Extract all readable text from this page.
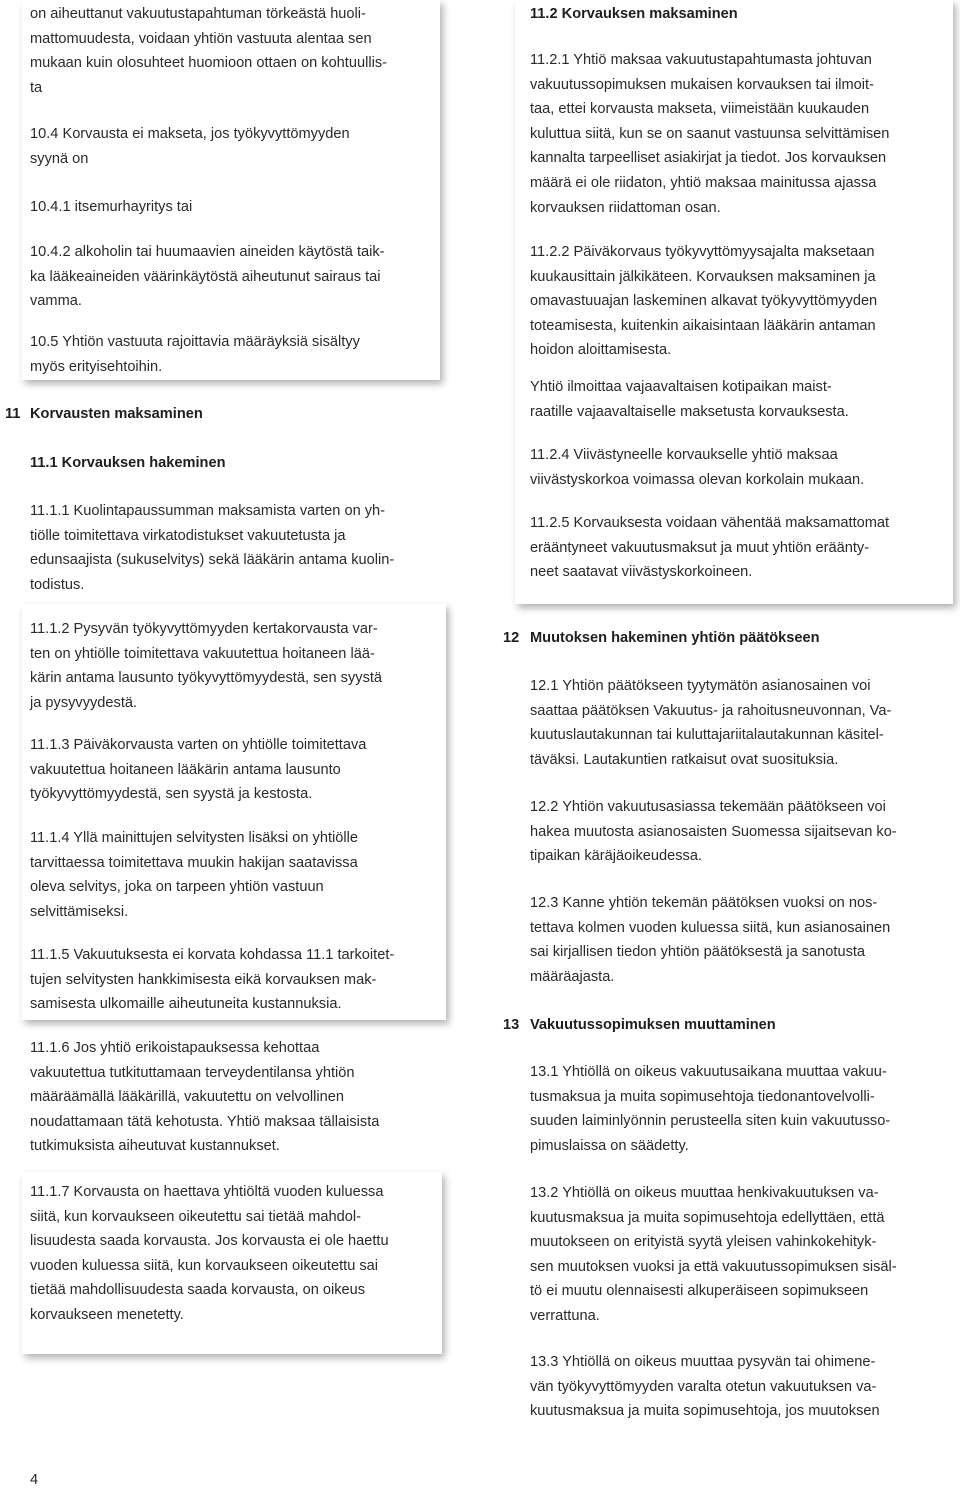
on aiheuttanut vakuutustapahtuman törkeästä huoli-
mattomuudesta, voidaan yhtiön vastuuta alentaa sen
mukaan kuin olosuhteet huomioon ottaen on kohtuullis-
ta
10.4 Korvausta ei makseta, jos työkyvyttömyyden
syynä on
10.4.1 itsemurhayritys tai
10.4.2 alkoholin tai huumaavien aineiden käytöstä taik-
ka lääkeaineiden väärinkäytöstä aiheutunut sairaus tai
vamma.
10.5 Yhtiön vastuuta rajoittavia määräyksiä sisältyy
myös erityisehtoihin.
11 Korvausten maksaminen
11.1 Korvauksen hakeminen
11.1.1 Kuolintapaussumman maksamista varten on yh-
tiölle toimitettava virkatodistukset vakuutetusta ja
edunsaajista (sukuselvitys) sekä lääkärin antama kuolin-
todistus.
11.1.2 Pysyvän työkyvyttömyyden kertakorvausta var-
ten on yhtiölle toimitettava vakuutettua hoitaneen lää-
kärin antama lausunto työkyvyttömyydestä, sen syystä
ja pysyvyydestä.
11.1.3 Päiväkorvausta varten on yhtiölle toimitettava
vakuutettua hoitaneen lääkärin antama lausunto
työkyvyttömyydestä, sen syystä ja kestosta.
11.1.4 Yllä mainittujen selvitysten lisäksi on yhtiölle
tarvittaessa toimitettava muukin hakijan saatavissa
oleva selvitys, joka on tarpeen yhtiön vastuun
selvittämiseksi.
11.1.5 Vakuutuksesta ei korvata kohdassa 11.1 tarkoitet-
tujen selvitysten hankkimisesta eikä korvauksen mak-
samisesta ulkomaille aiheutuneita kustannuksia.
11.1.6 Jos yhtiö erikoistapauksessa kehottaa
vakuutettua tutkituttamaan terveydentilansa yhtiön
määräämällä lääkärillä, vakuutettu on velvollinen
noudattamaan tätä kehotusta. Yhtiö maksaa tällaisista
tutkimuksista aiheutuvat kustannukset.
11.1.7 Korvausta on haettava yhtiöltä vuoden kuluessa
siitä, kun korvaukseen oikeutettu sai tietää mahdol-
lisuudesta saada korvausta. Jos korvausta ei ole haettu
vuoden kuluessa siitä, kun korvaukseen oikeutettu sai
tietää mahdollisuudesta saada korvausta, on oikeus
korvaukseen menetetty.
11.2 Korvauksen maksaminen
11.2.1 Yhtiö maksaa vakuutustapahtumasta johtuvan
vakuutussopimuksen mukaisen korvauksen tai ilmoit-
taa, ettei korvausta makseta, viimeistään kuukauden
kuluttua siitä, kun se on saanut vastuunsa selvittämisen
kannalta tarpeelliset asiakirjat ja tiedot. Jos korvauksen
määrä ei ole riidaton, yhtiö maksaa mainitussa ajassa
korvauksen riidattoman osan.
11.2.2 Päiväkorvaus työkyvyttömyysajalta maksetaan
kuukausittain jälkikäteen. Korvauksen maksaminen ja
omavastuuajan laskeminen alkavat työkyvyttömyyden
toteamisesta, kuitenkin aikaisintaan lääkärin antaman
hoidon aloittamisesta.
Yhtiö ilmoittaa vajaavaltaisen kotipaikan maist-
raatille vajaavaltaiselle maksetusta korvauksesta.
11.2.4 Viivästyneelle korvaukselle yhtiö maksaa
viivästyskorkoa voimassa olevan korkolain mukaan.
11.2.5 Korvauksesta voidaan vähentää maksamattomat
erääntyneet vakuutusmaksut ja muut yhtiön eräänty-
neet saatavat viivästyskorkoineen.
12 Muutoksen hakeminen yhtiön päätökseen
12.1 Yhtiön päätökseen tyytymätön asianosainen voi
saattaa päätöksen Vakuutus- ja rahoitusneuvonnan, Va-
kuutuslautakunnan tai kuluttajariitalautakunnan käsitel-
täväksi. Lautakuntien ratkaisut ovat suosituksia.
12.2 Yhtiön vakuutusasiassa tekemään päätökseen voi
hakea muutosta asianosaisten Suomessa sijaitsevan ko-
tipaikan käräjäoikeudessa.
12.3 Kanne yhtiön tekemän päätöksen vuoksi on nos-
tettava kolmen vuoden kuluessa siitä, kun asianosainen
sai kirjallisen tiedon yhtiön päätöksestä ja sanotusta
määräajasta.
13 Vakuutussopimuksen muuttaminen
13.1 Yhtiöllä on oikeus vakuutusaikana muuttaa vakuu-
tusmaksua ja muita sopimusehtoja tiedonantovelvolli-
suuden laiminlyönnin perusteella siten kuin vakuutusso-
pimuslaissa on säädetty.
13.2 Yhtiöllä on oikeus muuttaa henkivakuutuksen va-
kuutusmaksua ja muita sopimusehtoja edellyttäen, että
muutokseen on erityistä syytä yleisen vahinkokehityk-
sen muutoksen vuoksi ja että vakuutussopimuksen sisäl-
tö ei muutu olennaisesti alkuperäiseen sopimukseen
verrattuna.
13.3 Yhtiöllä on oikeus muuttaa pysyvän tai ohimene-
vän työkyvyttömyyden varalta otetun vakuutuksen va-
kuutusmaksua ja muita sopimusehtoja, jos muutoksen
4
